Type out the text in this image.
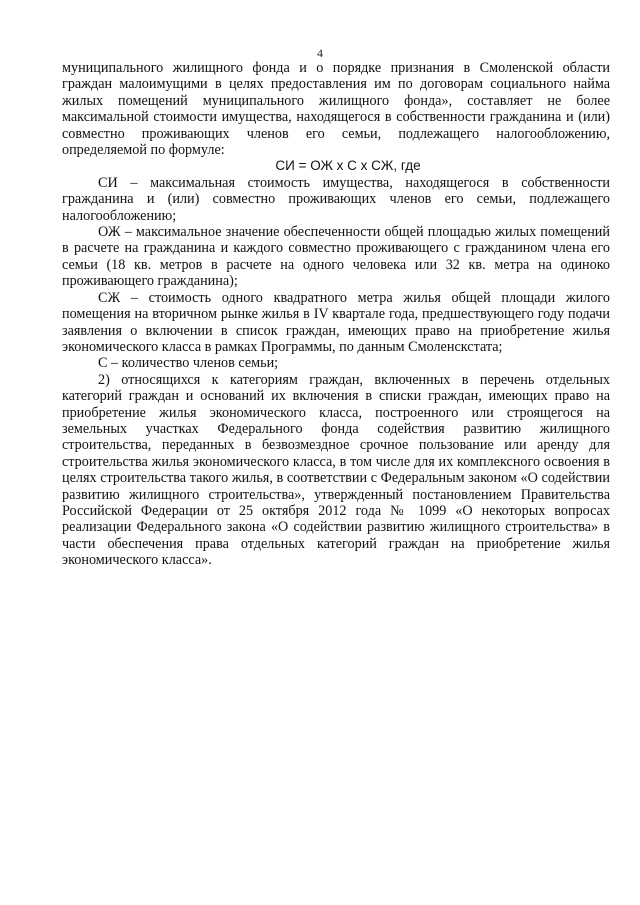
4

муниципального жилищного фонда и о порядке признания в Смоленской области граждан малоимущими в целях предоставления им по договорам социального найма жилых помещений муниципального жилищного фонда», составляет не более максимальной стоимости имущества, находящегося в собственности гражданина и (или) совместно проживающих членов его семьи, подлежащего налогообложению, определяемой по формуле:

СИ = ОЖ х С х СЖ, где

СИ – максимальная стоимость имущества, находящегося в собственности гражданина и (или) совместно проживающих членов его семьи, подлежащего налогообложению;

ОЖ – максимальное значение обеспеченности общей площадью жилых помещений в расчете на гражданина и каждого совместно проживающего с гражданином члена его семьи (18 кв. метров в расчете на одного человека или 32 кв. метра на одиноко проживающего гражданина);

СЖ – стоимость одного квадратного метра жилья общей площади жилого помещения на вторичном рынке жилья в IV квартале года, предшествующего году подачи заявления о включении в список граждан, имеющих право на приобретение жилья экономического класса в рамках Программы, по данным Смоленскстата;

С – количество членов семьи;

2) относящихся к категориям граждан, включенных в перечень отдельных категорий граждан и оснований их включения в списки граждан, имеющих право на приобретение жилья экономического класса, построенного или строящегося на земельных участках Федерального фонда содействия развитию жилищного строительства, переданных в безвозмездное срочное пользование или аренду для строительства жилья экономического класса, в том числе для их комплексного освоения в целях строительства такого жилья, в соответствии с Федеральным законом «О содействии развитию жилищного строительства», утвержденный постановлением Правительства Российской Федерации от 25 октября 2012 года № 1099 «О некоторых вопросах реализации Федерального закона «О содействии развитию жилищного строительства» в части обеспечения права отдельных категорий граждан на приобретение жилья экономического класса».
